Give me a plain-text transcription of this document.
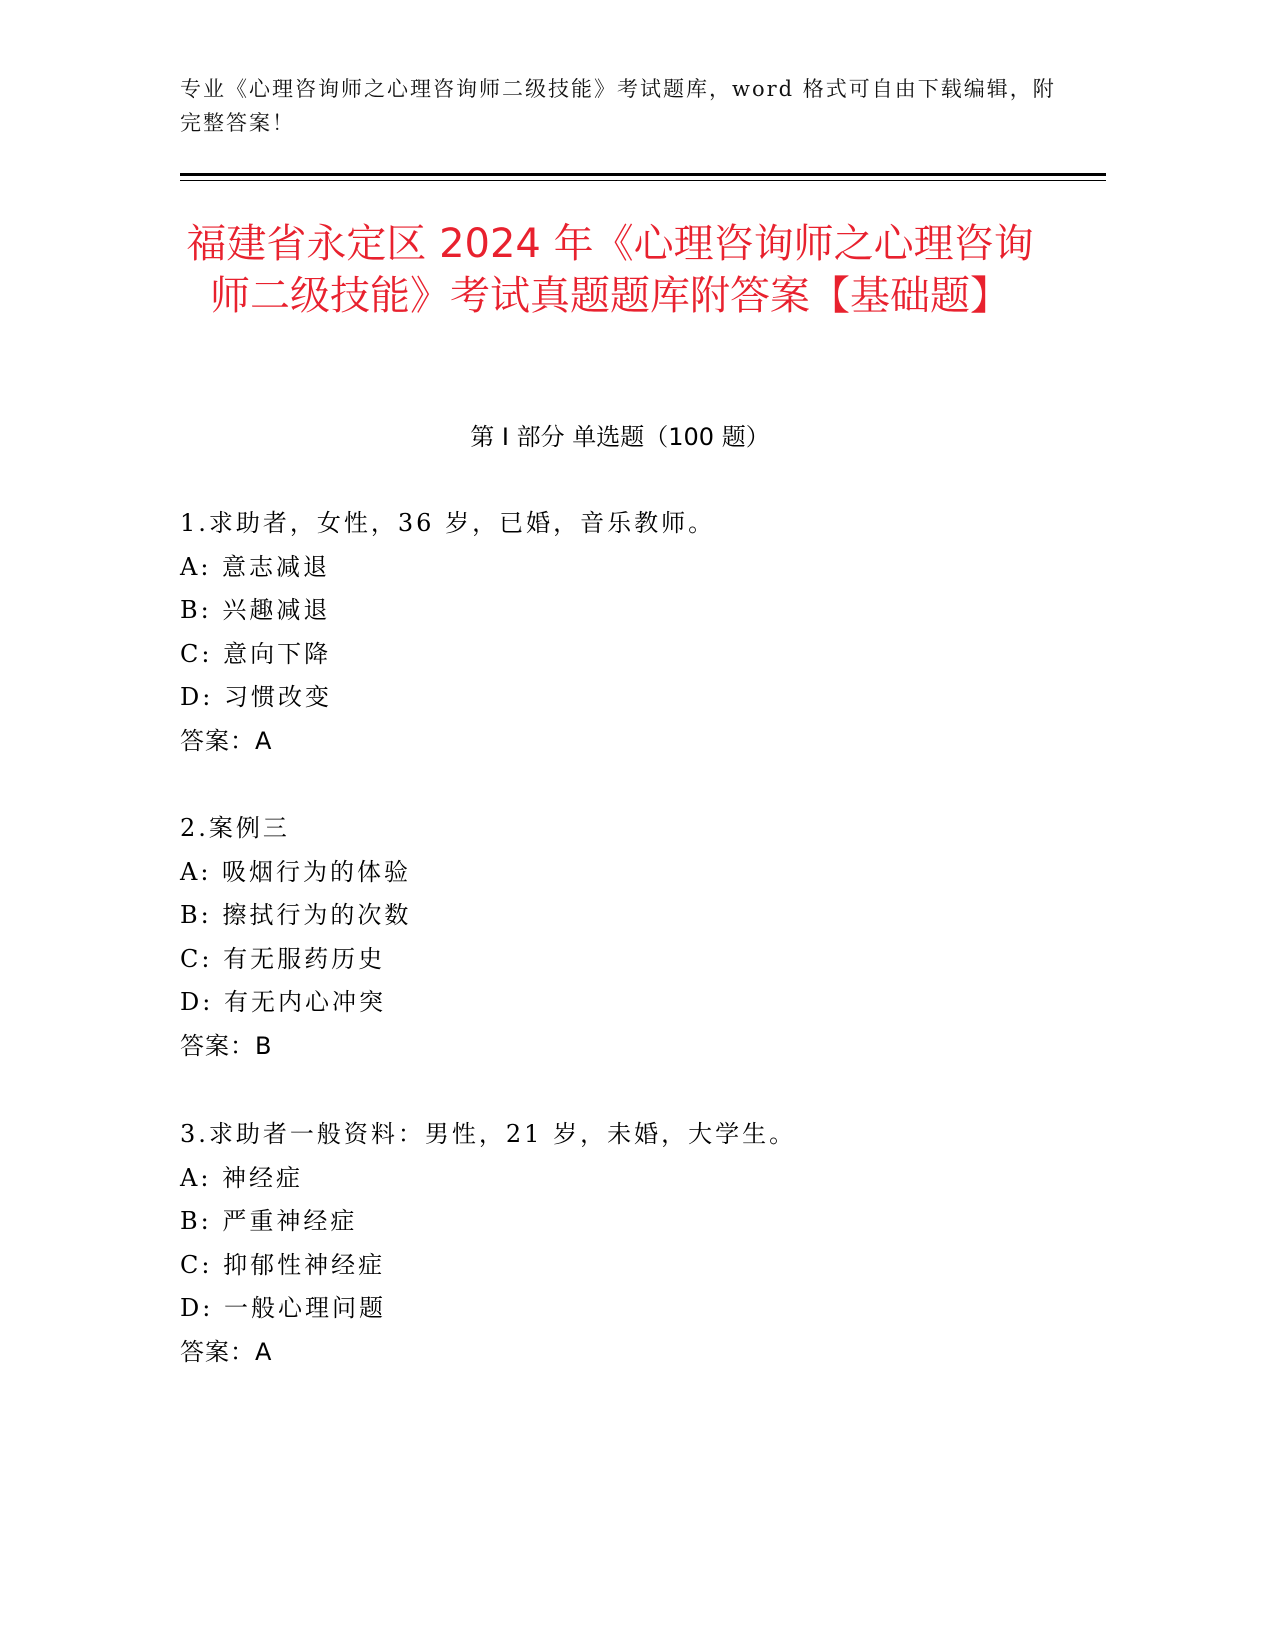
专业《心理咨询师之心理咨询师二级技能》考试题库，word 格式可自由下载编辑，附完整答案！
福建省永定区 2024 年《心理咨询师之心理咨询师二级技能》考试真题题库附答案【基础题】
第 I 部分 单选题（100 题）
1.求助者，女性，36 岁，已婚，音乐教师。
A: 意志减退
B: 兴趣减退
C: 意向下降
D: 习惯改变
答案：A
2.案例三
A: 吸烟行为的体验
B: 擦拭行为的次数
C: 有无服药历史
D: 有无内心冲突
答案：B
3.求助者一般资料：男性，21 岁，未婚，大学生。
A: 神经症
B: 严重神经症
C: 抑郁性神经症
D: 一般心理问题
答案：A
